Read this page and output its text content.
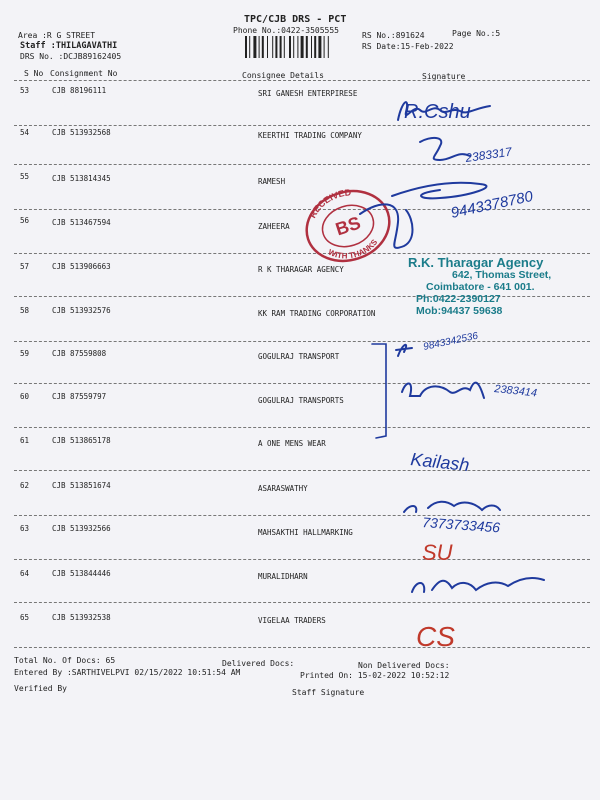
TPC/CJB DRS - PCT
Phone No.:0422-3505555
Area :R G STREET
Staff :THILAGAVATHI
DRS No. :DCJB89162405
RS No.:891624
RS Date:15-Feb-2022
Page No.:5
S No Consignment No	Consignee Details	Signature
53	CJB 88196111	SRI GANESH ENTERPIRESE
54	CJB 513932568	KEERTHI TRADING COMPANY
55	CJB 513814345	RAMESH
56	CJB 513467594	ZAHEERA
57	CJB 513906663	R K THARAGAR AGENCY
58	CJB 513932576	KK RAM TRADING CORPORATION
59	CJB 87559808	GOGULRAJ TRANSPORT
60	CJB 87559797	GOGULRAJ TRANSPORTS
61	CJB 513865178	A ONE MENS WEAR
62	CJB 513851674	ASARASWATHY
63	CJB 513932566	MAHSAKTHI HALLMARKING
64	CJB 513844446	MURALIDHARN
65	CJB 513932538	VIGELAA TRADERS
Total No. Of Docs: 65	Delivered Docs:	Non Delivered Docs:
Entered By :SARTHIVELPVI 02/15/2022 10:51:54 AM	Printed On: 15-02-2022 10:52:12
Verified By	Staff Signature
R.K. Tharagar Agency
642, Thomas Street,
Coimbatore - 641 001.
Ph:0422-2390127
Mob:94437 59638
RECEIVED
WITH THANKS
BS
R.Cshu
2383317
9443378780
9843342536
2383414
Kailash
7373733456
SU
CS
